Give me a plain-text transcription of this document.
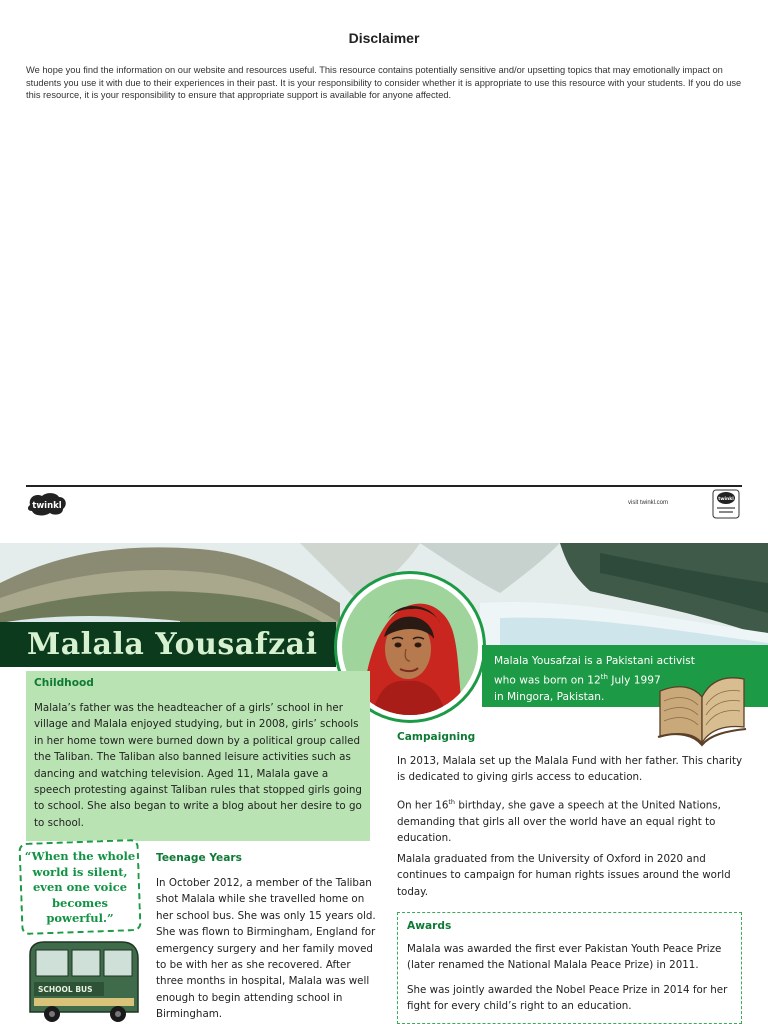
Disclaimer
We hope you find the information on our website and resources useful. This resource contains potentially sensitive and/or upsetting topics that may emotionally impact on students you use it with due to their experiences in their past. It is your responsibility to consider whether it is appropriate to use this resource with your students. If you do use this resource, it is your responsibility to ensure that appropriate support is available for anyone affected.
twinkl	visit twinkl.com
twinkl
Malala Yousafzai	Malala Yousafzai is a Pakistani activist
who was born on 12th July 1997
in Mingora, Pakistan.
Childhood
Malala’s father was the headteacher of a girls’ school in her village and Malala enjoyed studying, but in 2008, girls’ schools in her home town were burned down by a political group called the Taliban. The Taliban also banned leisure activities such as dancing and watching television. Aged 11, Malala gave a speech protesting against Taliban rules that stopped girls going to school. She also began to write a blog about her desire to go to school.
Campaigning
In 2013, Malala set up the Malala Fund with her father. This charity is dedicated to giving girls access to education.
On her 16th birthday, she gave a speech at the United Nations, demanding that girls all over the world have an equal right to education.
Malala graduated from the University of Oxford in 2020 and continues to campaign for human rights issues around the world today.
Awards
Malala was awarded the first ever Pakistan Youth Peace Prize (later renamed the National Malala Peace Prize) in 2011.
She was jointly awarded the Nobel Peace Prize in 2014 for her fight for every child’s right to an education.
“When the whole world is silent, even one voice becomes powerful.”
Teenage Years
In October 2012, a member of the Taliban shot Malala while she travelled home on her school bus. She was only 15 years old. She was flown to Birmingham, England for emergency surgery and her family moved to be with her as she recovered. After three months in hospital, Malala was well enough to begin attending school in Birmingham.
SCHOOL BUS
